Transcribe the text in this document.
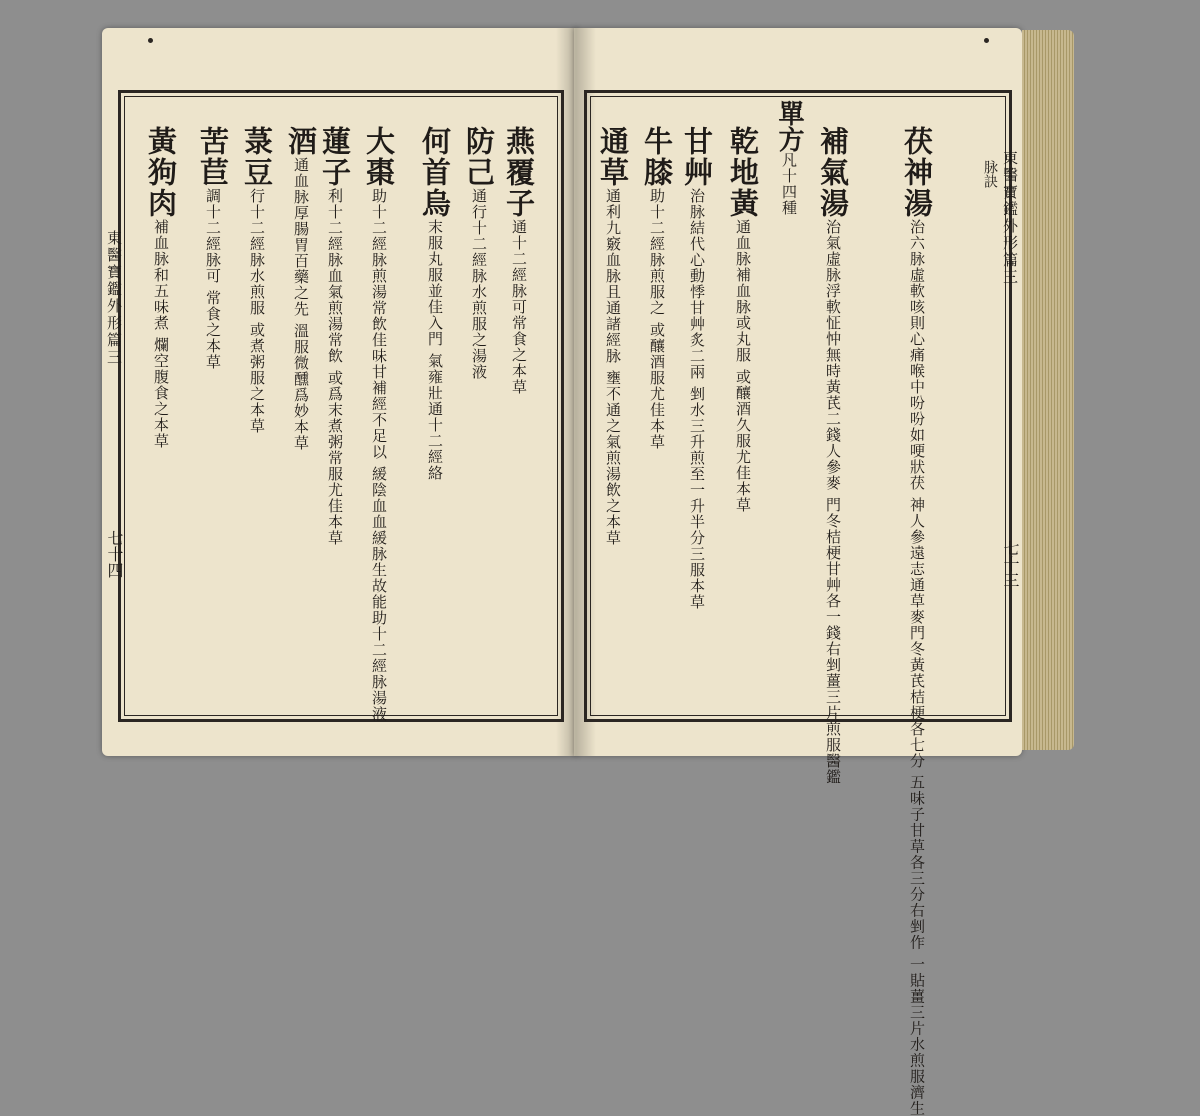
東醫寶鑑外形篇三
七十四
東醫寶鑑外形篇三
脉訣
七十三
燕覆子通十二經脉可常食之本草
防己通行十二經脉水煎服之湯液
何首烏末服丸服並佳入門 氣雍壯通十二經絡
大棗助十二經脉煎湯常飲佳味甘補經不足以 緩陰血血緩脉生故能助十二經脉湯液
蓮子利十二經脉血氣煎湯常飲 或爲末煮粥常服尤佳本草
酒通血脉厚腸胃百藥之先 溫服微醺爲妙本草
菉豆行十二經脉水煎服 或煮粥服之本草
苦苣調十二經脉可 常食之本草
黃狗肉補血脉和五味煮 爛空腹食之本草
茯神湯治六脉虛軟咳則心痛喉中吩吩如哽狀茯 神人參遠志通草麥門冬黃芪桔梗各七分 五味子甘草各三分右剉作 一貼薑三片水煎服濟生
補氣湯治氣虛脉浮軟怔忡無時黃芪二錢人參麥 門冬桔梗甘艸各一錢右剉薑三片煎服醫鑑
單方凡十四種
乾地黃通血脉補血脉或丸服 或釀酒久服尤佳本草
甘艸治脉結代心動悸甘艸炙二兩 剉水三升煎至一升半分三服本草
牛膝助十二經脉煎服之 或釀酒服尤佳本草
通草通利九竅血脉且通諸經脉 壅不通之氣煎湯飲之本草
